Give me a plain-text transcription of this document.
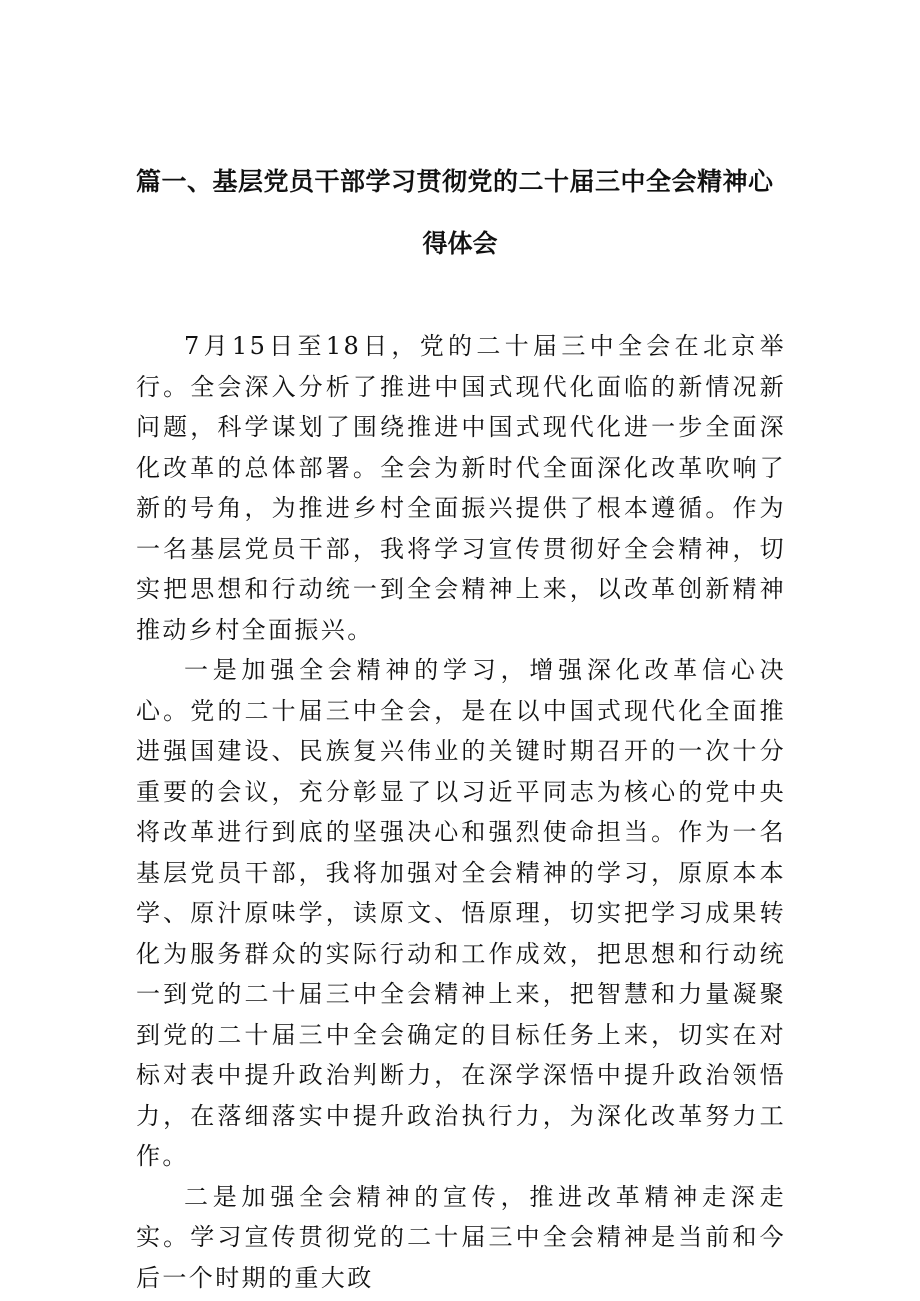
篇一、基层党员干部学习贯彻党的二十届三中全会精神心
得体会

7月15日至18日，党的二十届三中全会在北京举行。全会深入分析了推进中国式现代化面临的新情况新问题，科学谋划了围绕推进中国式现代化进一步全面深化改革的总体部署。全会为新时代全面深化改革吹响了新的号角，为推进乡村全面振兴提供了根本遵循。作为一名基层党员干部，我将学习宣传贯彻好全会精神，切实把思想和行动统一到全会精神上来，以改革创新精神推动乡村全面振兴。

一是加强全会精神的学习，增强深化改革信心决心。党的二十届三中全会，是在以中国式现代化全面推进强国建设、民族复兴伟业的关键时期召开的一次十分重要的会议，充分彰显了以习近平同志为核心的党中央将改革进行到底的坚强决心和强烈使命担当。作为一名基层党员干部，我将加强对全会精神的学习，原原本本学、原汁原味学，读原文、悟原理，切实把学习成果转化为服务群众的实际行动和工作成效，把思想和行动统一到党的二十届三中全会精神上来，把智慧和力量凝聚到党的二十届三中全会确定的目标任务上来，切实在对标对表中提升政治判断力，在深学深悟中提升政治领悟力，在落细落实中提升政治执行力，为深化改革努力工作。

二是加强全会精神的宣传，推进改革精神走深走实。学习宣传贯彻党的二十届三中全会精神是当前和今后一个时期的重大政
